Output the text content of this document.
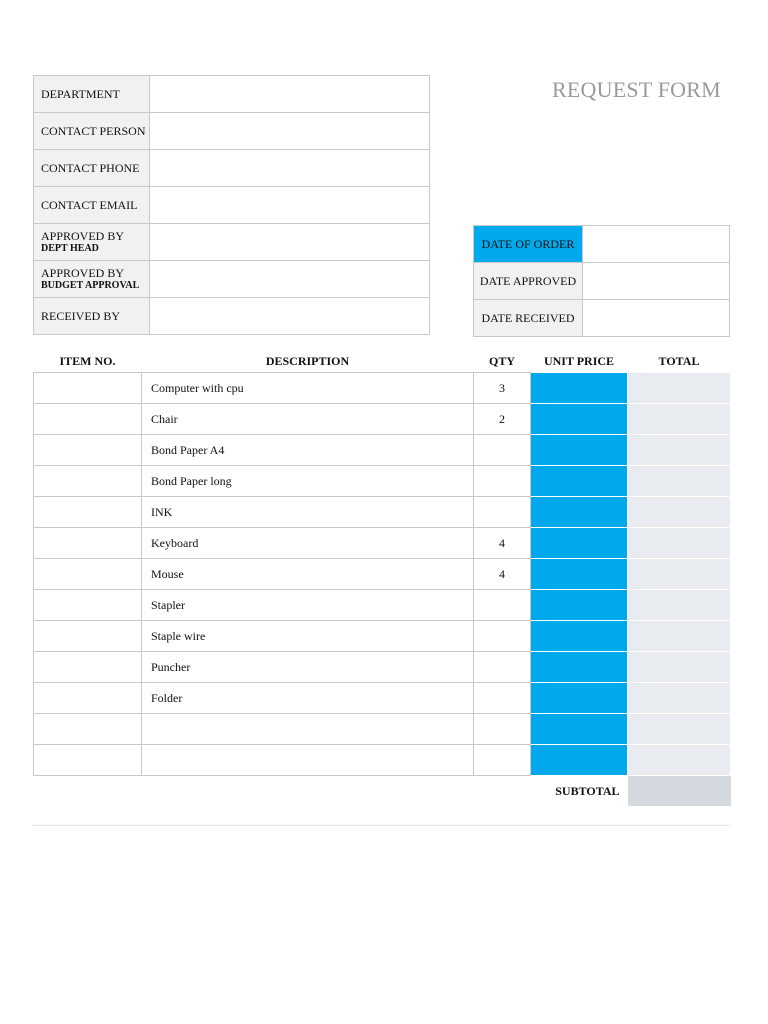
DEPARTMENT	
CONTACT PERSON	
CONTACT PHONE	
CONTACT EMAIL	
APPROVED BY
DEPT HEAD	

APPROVED BY
BUDGET APPROVAL	

RECEIVED BY	
REQUEST FORM
DATE OF ORDER	
DATE APPROVED	
DATE RECEIVED	
ITEM NO.	DESCRIPTION	QTY	UNIT PRICE	TOTAL
	Computer with cpu	3		
	Chair	2		
	Bond Paper A4			
	Bond Paper long			
	INK			
	Keyboard	4		
	Mouse	4		
	Stapler			
	Staple wire			
	Puncher			
	Folder			

			SUBTOTAL	
